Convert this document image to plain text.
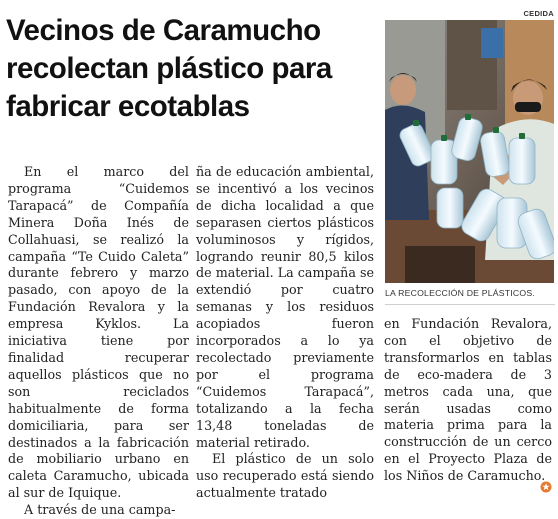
Vecinos de Caramucho
recolectan plástico para
fabricar ecotablas

En el marco del programa “Cuidemos Tarapacá” de Compañía Minera Doña Inés de Collahuasi, se realizó la campaña “Te Cuido Caleta” durante febrero y marzo pasado, con apoyo de la Fundación Revalora y la empresa Kyklos. La iniciativa tiene por finalidad recuperar aquellos plásticos que no son reciclados habitualmente de forma domiciliaria, para ser destinados a la fabricación de mobiliario urbano en caleta Caramucho, ubicada al sur de Iquique.

A través de una campa-

ña de educación ambiental, se incentivó a los vecinos de dicha localidad a que separasen ciertos plásticos voluminosos y rígidos, logrando reunir 80,5 kilos de material. La campaña se extendió por cuatro semanas y los residuos acopiados fueron incorporados a lo ya recolectado previamente por el programa “Cuidemos Tarapacá”, totalizando a la fecha 13,48 toneladas de material retirado.

El plástico de un solo uso recuperado está siendo actualmente tratado

en Fundación Revalora, con el objetivo de transformarlos en tablas de eco-madera de 3 metros cada una, que serán usadas como materia prima para la construcción de un cerco en el Proyecto Plaza de los Niños de Caramucho.

CEDIDA
LA RECOLECCIÓN DE PLÁSTICOS.
